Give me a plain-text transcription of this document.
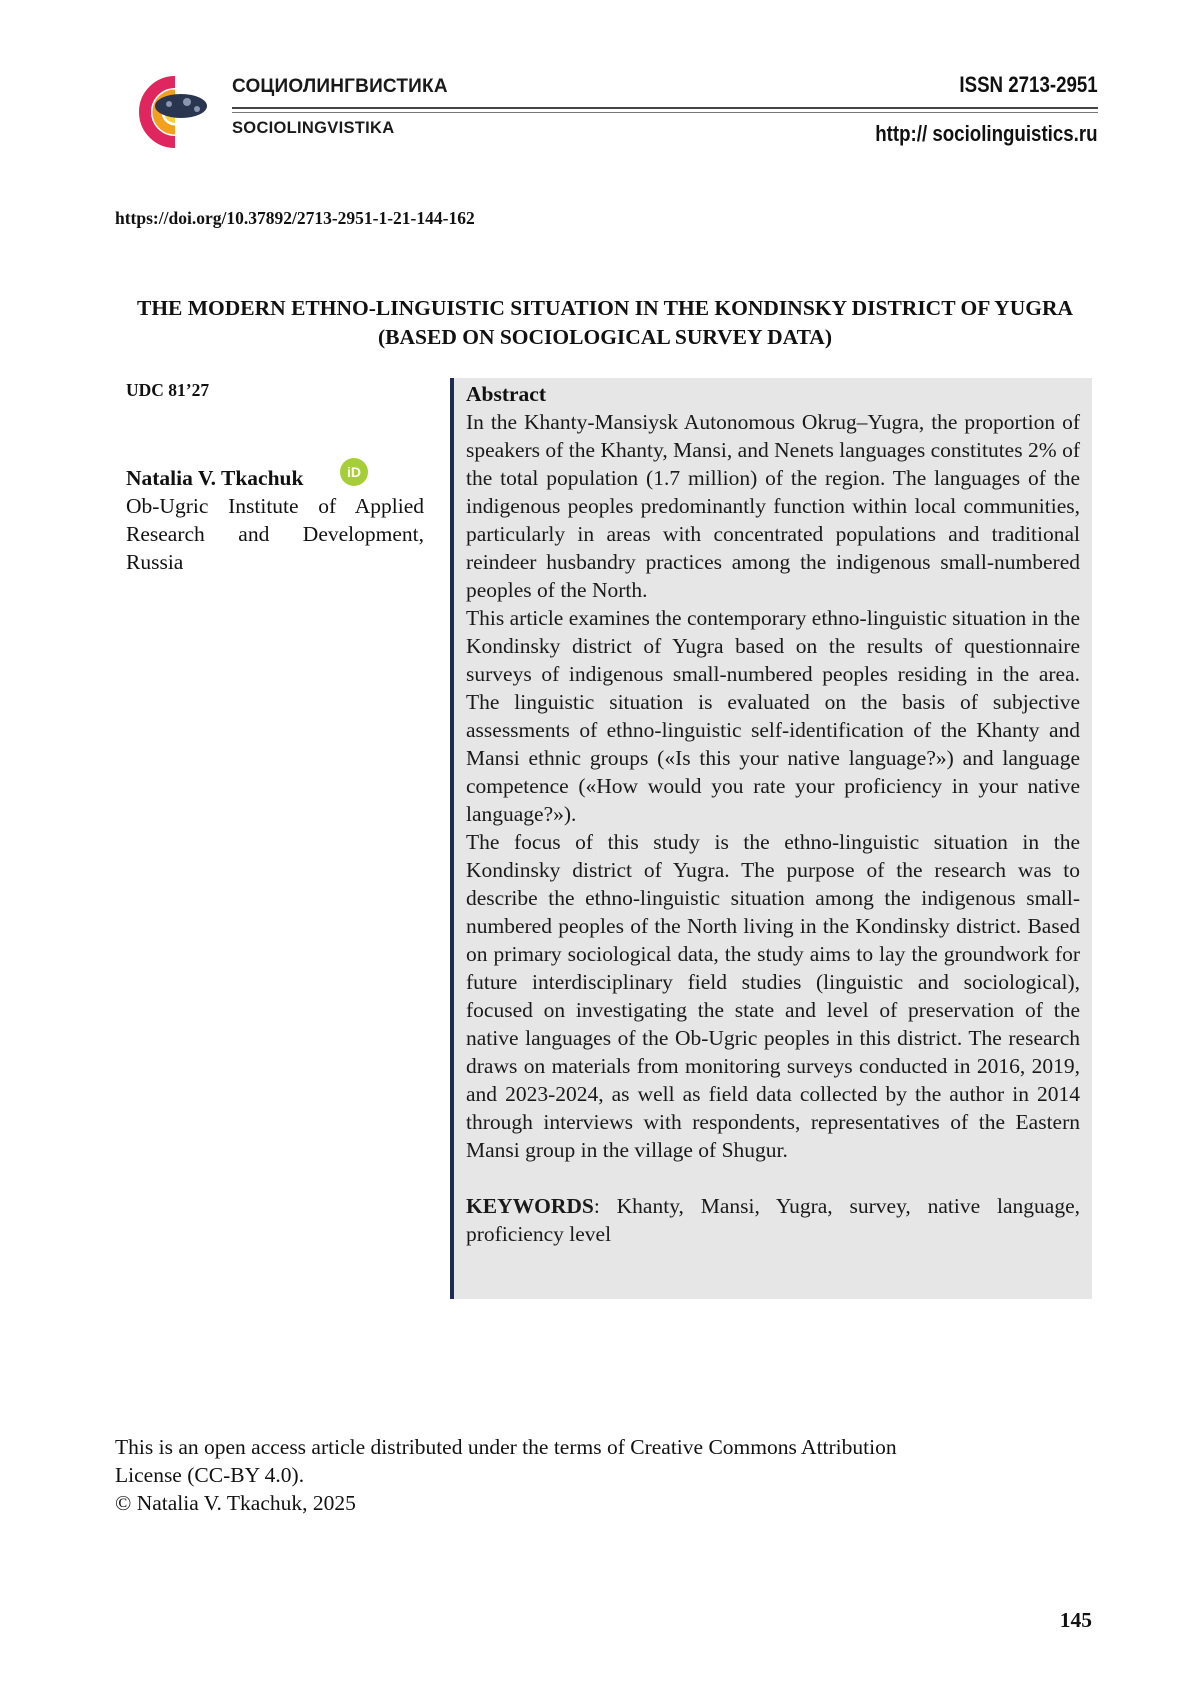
СОЦИОЛИНГВИСТИКА
SOCIOLINGVISTIKA
ISSN 2713-2951
http:// sociolinguistics.ru
https://doi.org/10.37892/2713-2951-1-21-144-162
THE MODERN ETHNO-LINGUISTIC SITUATION IN THE KONDINSKY DISTRICT OF YUGRA (BASED ON SOCIOLOGICAL SURVEY DATA)
UDC 81’27
Natalia V. Tkachuk	iD
Ob-Ugric Institute of Applied Research and Development, Russia
Abstract

In the Khanty-Mansiysk Autonomous Okrug–Yugra, the proportion of speakers of the Khanty, Mansi, and Nenets languages constitutes 2% of the total population (1.7 million) of the region. The languages of the indigenous peoples predominantly function within local communities, particularly in areas with concentrated populations and traditional reindeer husbandry practices among the indigenous small-numbered peoples of the North.

This article examines the contemporary ethno-linguistic situation in the Kondinsky district of Yugra based on the results of questionnaire surveys of indigenous small-numbered peoples residing in the area. The linguistic situation is evaluated on the basis of subjective assessments of ethno-linguistic self-identification of the Khanty and Mansi ethnic groups («Is this your native language?») and language competence («How would you rate your proficiency in your native language?»).

The focus of this study is the ethno-linguistic situation in the Kondinsky district of Yugra. The purpose of the research was to describe the ethno-linguistic situation among the indigenous small-numbered peoples of the North living in the Kondinsky district. Based on primary sociological data, the study aims to lay the groundwork for future interdisciplinary field studies (linguistic and sociological), focused on investigating the state and level of preservation of the native languages of the Ob-Ugric peoples in this district. The research draws on materials from monitoring surveys conducted in 2016, 2019, and 2023-2024, as well as field data collected by the author in 2014 through interviews with respondents, representatives of the Eastern Mansi group in the village of Shugur.

KEYWORDS: Khanty, Mansi, Yugra, survey, native language, proficiency level

This is an open access article distributed under the terms of Creative Commons Attribution
License (CC-BY 4.0).
© Natalia V. Tkachuk, 2025
145
